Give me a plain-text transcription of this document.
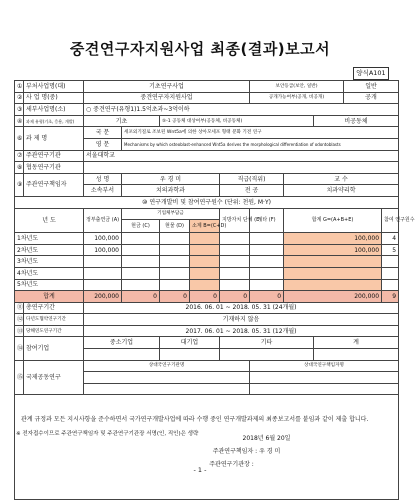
중견연구자지원사업 최종(결과)보고서
양식A101
①	부처사업명(대)	기초연구사업					보안등급(보안, 일반)			일반	
②	사 업 명(중)	중견연구자지원사업					공개가능여부(공개, 비공개)			공개	
③	세부사업명(소)	○ 중견연구(유형1)1.5억초과~3억이하									
④	과제 유형(기초, 응용, 개발)	기초		⑤-1 공동체 대상여부(공동체, 비공동체)					비공동체		
⑥	과 제 명	국 문	세포외기질로 조보된 Wnt5a에 의한 상아모세포 형태 분화 기전 연구								
		영 문	Mechanisms by which osteoblast-enhanced Wnt5a derives the morphological differentiation of odontoblasts								
⑦	주관연구기관	서울대학교									
⑧	협동연구기관										
⑨	주관연구책임자	성 명	우 경 미			직급(직위)		교 수			
		소속부서	치의과학과			전 공		치과약리학			
⑩ 연구개발비 및 참여연구원수 (단위: 천원, M·Y)											
년 도		정부출연금 (A)	기업체부담금			지방자치 단체 (E)	기타 (F)	합계 G=(A+B+E)			참여 연구원수
			현금 (C)	현물 (D)	소계 B=(C+D)						
1차년도		100,000						100,000			4
2차년도		100,000						100,000			5
3차년도											
4차년도											
5차년도											
합계		200,000	0	0	0	0	0	200,000			9
⑪	총연구기간	2016. 06. 01 ~ 2018. 05. 31 (24개월)									
⑫	다년도협약연구기간	기재하지 않음									
⑬	당해연도연구기간	2017. 06. 01 ~ 2018. 05. 31 (12개월)									
⑭	참여기업	중소기업		대기업		기타			계		

⑮	국제공동연구	상대국연구기관명					상대국연구책임자명				

관계 규정과 모든 지시사항을 준수하면서 국가연구개발사업에 따라 수행 중인 연구개발과제의 최종보고서를 붙임과 같이 제출 합니다.
2018년 6월 20일
주관연구책임자 : 우 경 미
주관연구기관장 :											
※ 전자접수이므로 주관연구책임자 및 주관연구기관장 서명(인, 직인)은 생략
- 1 -
